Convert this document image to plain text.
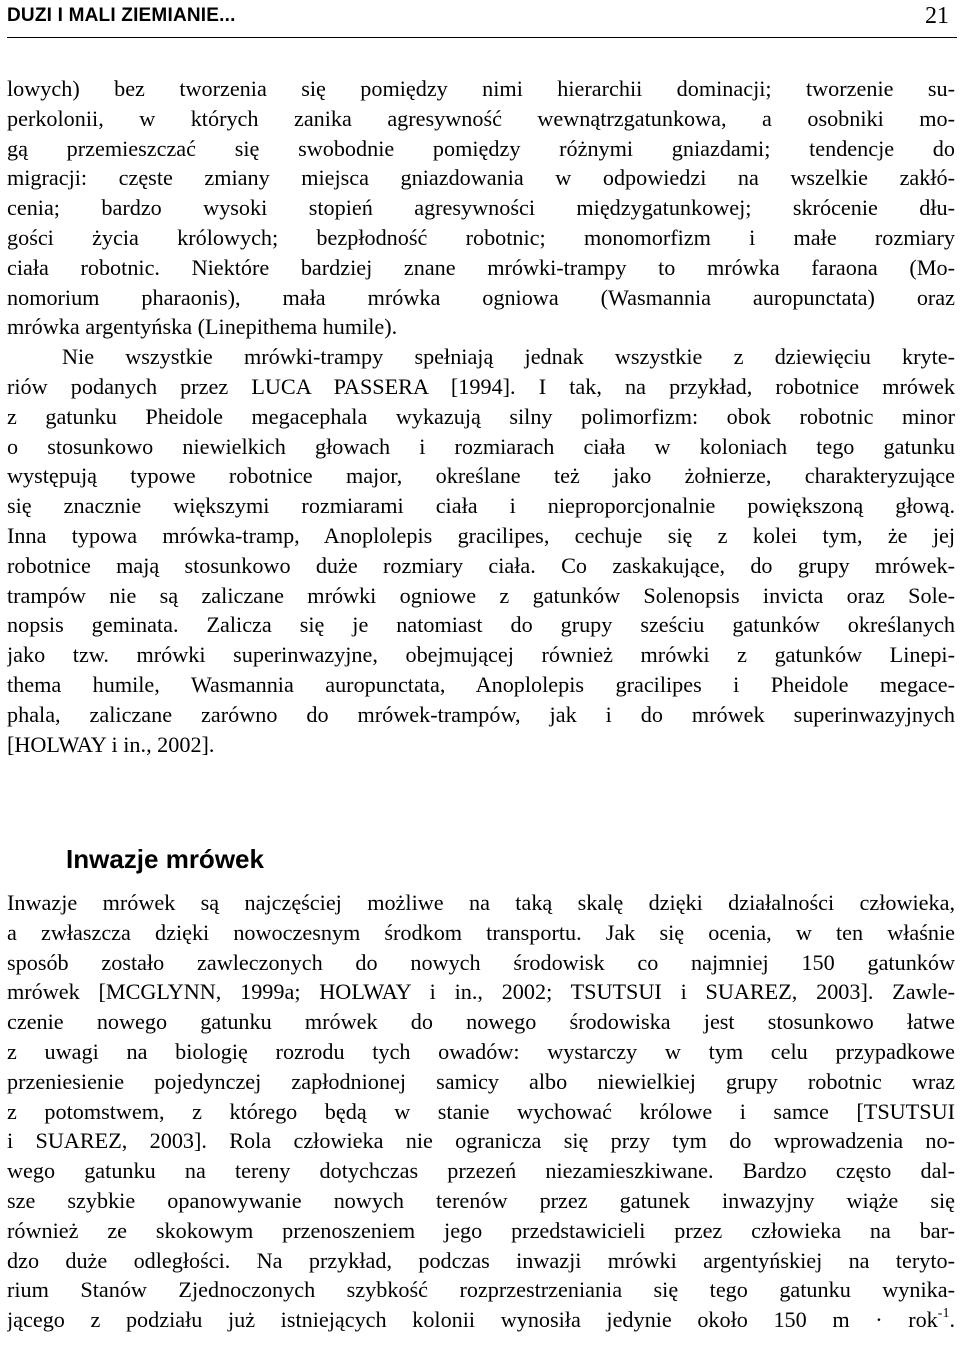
DUZI I MALI ZIEMIANIE...	21
lowych) bez tworzenia się pomiędzy nimi hierarchii dominacji; tworzenie su-
perkolonii, w których zanika agresywność wewnątrzgatunkowa, a osobniki mo-
gą przemieszczać się swobodnie pomiędzy różnymi gniazdami; tendencje do
migracji: częste zmiany miejsca gniazdowania w odpowiedzi na wszelkie zakłó-
cenia; bardzo wysoki stopień agresywności międzygatunkowej; skrócenie dłu-
gości życia królowych; bezpłodność robotnic; monomorfizm i małe rozmiary
ciała robotnic. Niektóre bardziej znane mrówki-trampy to mrówka faraona (Mo-
nomorium pharaonis), mała mrówka ogniowa (Wasmannia auropunctata) oraz
mrówka argentyńska (Linepithema humile).
Nie wszystkie mrówki-trampy spełniają jednak wszystkie z dziewięciu kryte-
riów podanych przez LUCA PASSERA [1994]. I tak, na przykład, robotnice mrówek
z gatunku Pheidole megacephala wykazują silny polimorfizm: obok robotnic minor
o stosunkowo niewielkich głowach i rozmiarach ciała w koloniach tego gatunku
występują typowe robotnice major, określane też jako żołnierze, charakteryzujące
się znacznie większymi rozmiarami ciała i nieproporcjonalnie powiększoną głową.
Inna typowa mrówka-tramp, Anoplolepis gracilipes, cechuje się z kolei tym, że jej
robotnice mają stosunkowo duże rozmiary ciała. Co zaskakujące, do grupy mrówek-
trampów nie są zaliczane mrówki ogniowe z gatunków Solenopsis invicta oraz Sole-
nopsis geminata. Zalicza się je natomiast do grupy sześciu gatunków określanych
jako tzw. mrówki superinwazyjne, obejmującej również mrówki z gatunków Linepi-
thema humile, Wasmannia auropunctata, Anoplolepis gracilipes i Pheidole megace-
phala, zaliczane zarówno do mrówek-trampów, jak i do mrówek superinwazyjnych
[HOLWAY i in., 2002].
Inwazje mrówek
Inwazje mrówek są najczęściej możliwe na taką skalę dzięki działalności człowieka,
a zwłaszcza dzięki nowoczesnym środkom transportu. Jak się ocenia, w ten właśnie
sposób zostało zawleczonych do nowych środowisk co najmniej 150 gatunków
mrówek [MCGLYNN, 1999a; HOLWAY i in., 2002; TSUTSUI i SUAREZ, 2003]. Zawle-
czenie nowego gatunku mrówek do nowego środowiska jest stosunkowo łatwe
z uwagi na biologię rozrodu tych owadów: wystarczy w tym celu przypadkowe
przeniesienie pojedynczej zapłodnionej samicy albo niewielkiej grupy robotnic wraz
z potomstwem, z którego będą w stanie wychować królowe i samce [TSUTSUI
i SUAREZ, 2003]. Rola człowieka nie ogranicza się przy tym do wprowadzenia no-
wego gatunku na tereny dotychczas przezeń niezamieszkiwane. Bardzo często dal-
sze szybkie opanowywanie nowych terenów przez gatunek inwazyjny wiąże się
również ze skokowym przenoszeniem jego przedstawicieli przez człowieka na bar-
dzo duże odległości. Na przykład, podczas inwazji mrówki argentyńskiej na teryto-
rium Stanów Zjednoczonych szybkość rozprzestrzeniania się tego gatunku wynika-
jącego z podziału już istniejących kolonii wynosiła jedynie około 150 m · rok$^{-1}$.
